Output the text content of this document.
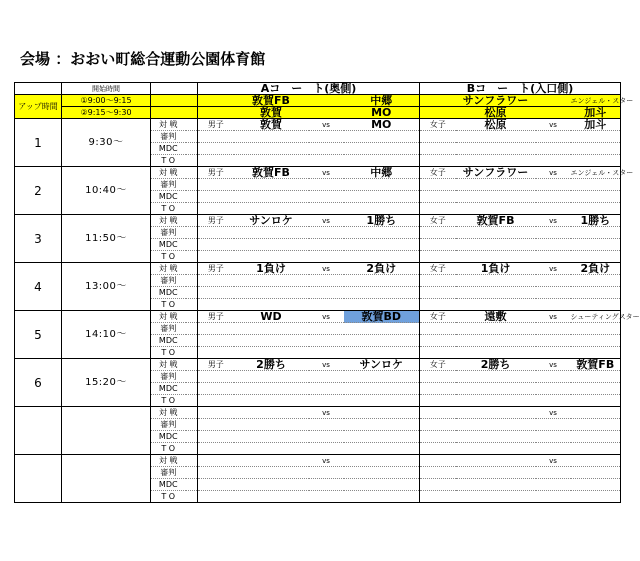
会場 ：おおい町総合運動公園体育館
	開始時間			Aコ　ー　ト(奥側)				Bコ　ー　ト(入口側)			
アップ時間	①9:00～9:15				敦賀FB		中郷		サンフラワー		エンジェル・スター
	②9:15～9:30				敦賀		MO		松原		加斗
1	9:30～	対 戦		男子	敦賀	vs	MO	女子	松原	vs	加斗
		審判									
		MDC									
		T O									
2	10:40～	対 戦		男子	敦賀FB	vs	中郷	女子	サンフラワー	vs	エンジェル・スター
		審判									
		MDC									
		T O									
3	11:50～	対 戦		男子	サンロケ	vs	1勝ち	女子	敦賀FB	vs	1勝ち
		審判									
		MDC									
		T O									
4	13:00～	対 戦		男子	1負け	vs	2負け	女子	1負け	vs	2負け
		審判									
		MDC									
		T O									
5	14:10～	対 戦		男子	WD	vs	敦賀BD	女子	遠敷	vs	シューティングスター
		審判									
		MDC									
		T O									
6	15:20～	対 戦		男子	2勝ち	vs	サンロケ	女子	2勝ち	vs	敦賀FB
		審判									
		MDC									
		T O									
		対 戦				vs				vs	
		審判									
		MDC									
		T O									
		対 戦				vs				vs	
		審判									
		MDC									
		T O									
